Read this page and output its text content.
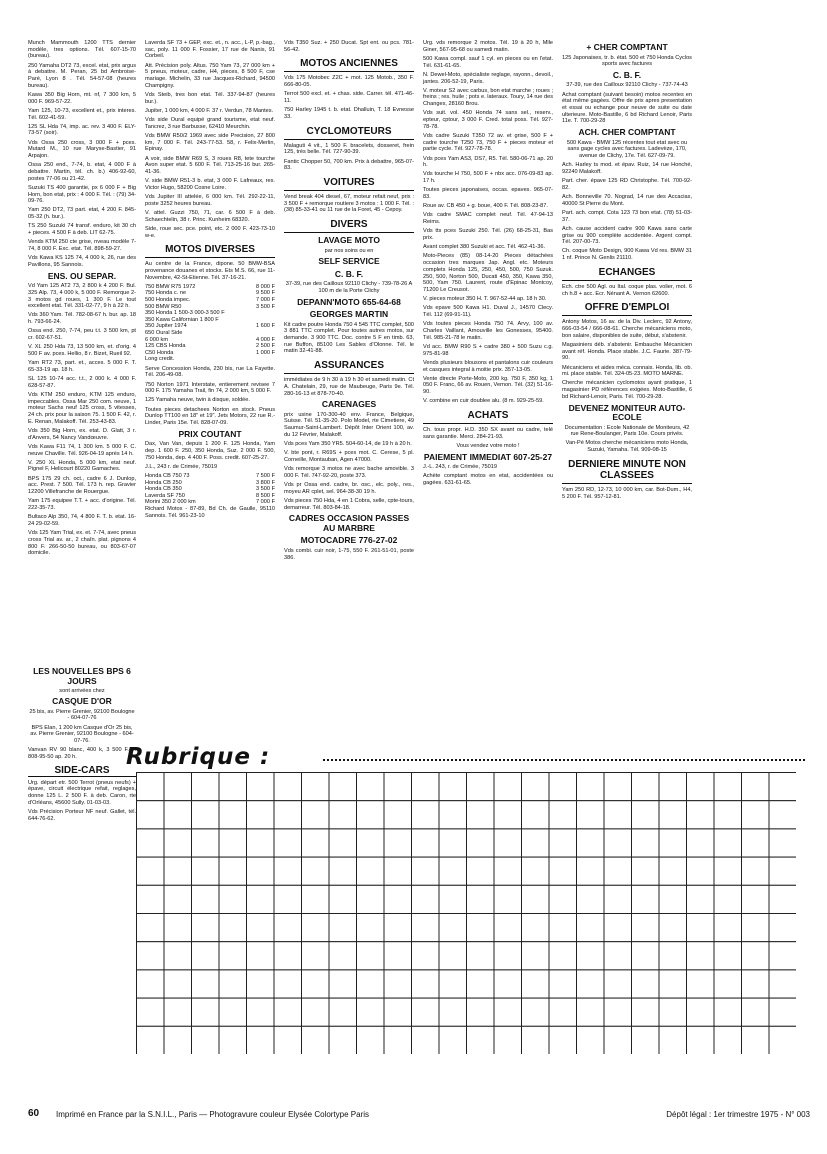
Munch Mammouth 1200 TTS dernier modèle, tres options. Tél. 607-15-70 (bureau).

250 Yamaha DT2 73, excel. etat, prix argus à debattre. M. Peran, 25 bd Ambroise-Paré, Lyon 8 . Tél. 54-57-08 (heures bureau).

Kawa 350 Big Horn, mt. nf, 7 300 km, 5 000 F. 969-57-22.

Yam 125, 10-73, excellent et., prix interes. Tél. 602-41-59.

125 SL Hda 74, imp. ac. rev. 3 400 F. ELY-73-57 (soir).

Vds Ossa 250 cross, 3 000 F + pces. Mutard M., 10 rue Maryse-Bastier, 91 Arpajon.

Ossa 250 end., 7-74, b. etat, 4 000 F à debattre. Martin, tél. ch. b.) 406-92-60, postes 77-06 ou 21-42.

Suzuki TS 400 garantie, px 6 000 F + Big Horn, bon etat, prix : 4 000 F. Tél. : (79) 34-09-76.

Yam 250 DT2, 73 part. etat, 4 200 F. 845-05-32 (h. bur.).

TS 250 Suzuki 74 transf. enduro, kit 30 ch + pieces. 4 500 F à deb. LIT 62-75.

Vends KTM 250 cte grise, nveau modèle 7-74, 8 000 F. Exc. etat. Tél. 898-59-27.

Vds Kawa KS 125 74, 4 000 k, 26, rue des Pavillons, 95 Sannois.

ENS. OU SEPAR.

Vd Yam 125 AT2 73, 2 800 k 4 200 F. Bul. 325 Alp. 73, 4 000 k, 5 000 F. Remorque 2-3 motos gd roues, 1 300 F. Le tout excellent etat. Tél. 331-02-77, 9 h à 22 h.

Vds 360 Yam. Tél. 782-08-67 h. bur. ap. 18 h. 793-66-24.

Ossa end. 250, 7-74, peu t.t. 3 500 km, pt cr. 602-67-51.

V. XL 250 Hda 73, 13 500 km, et. d'orig. 4 500 F av. pces. Hellio, 8 r. Bizet, Rueil 92.

Yam RT2 73, part. et., acces. 5 000 F. T. 65-33-19 ap. 18 h.

SL 125 10-74 acc. t.t., 2 000 k. 4 000 F. 628-57-87.

Vds KTM 250 enduro, KTM 125 enduro, impeccables. Ossa Mar 250 com. neuve, 1 moteur Sachs neuf 125 cross, 5 vitesses, 24 ch. prix pour la saison 75. 1 500 F. 42, r. E. Renan, Malakoff. Tél. 253-43-83.

Vds 350 Big Horn, ex. etat. D. Glatt, 3 r. d'Anvers, 54 Nancy Vandœuvre.

Vds Kawa F11 74, 1 300 km. 5 000 F. C. neuve Chaville. Tél. 926-04-19 après 14 h.

V. 250 XL Honda, 5 000 km, etat neuf. Pignel F, Helicourt 80220 Gamaches.

BPS 175 29 ch. oct., cadre 6 J. Dunlop, acc. Prest. 7 500. Tél. 173 h. rep. Gravier 12200 Villefranche de Rouergue.

Yam 175 equipee T.T. + acc. d'origine. Tél. 222-35-73.

Bultaco Alp 350, 74, 4 800 F. T. b. etat. 16-24 29-02-59.

Vds 125 Yam Trial, ex. et. 7-74, avec pneus cross Trial av. ar., 2 chaîn. plat. pignons 4 800 F. 266-50-50 bureau, ou 803-67-07 domicile.

Laverda SF 73 + GEP, exc. et., n. acc., L-P, p.-bag., sac, poly. 11 000 F. Fossier, 17 rue de Nanis, 91 Corbeil.

Att. Précision poly. Altus. 750 Yam 73, 27 000 km + 5 pneus, moteur, cadre, H4, pieces, 8 500 F, cse mariage. Michelin, 33 rue Jacques-Richard, 94500 Champigny.

Vds Steib, tres bon etat. Tél. 337-94-87 (heures bur.).

Jupiter, 1 000 km, 4 000 F. 37 r. Verdun, 78 Mantes.

Vds side Oural equipé grand tourisme, etat neuf. Tancrez, 3 rue Barbusse, 62410 Meurchin.

Vds BMW R50/2 1969 avec side Precision, 27 800 km, 7 000 F. Tél. 243-77-53. 58, r. Felix-Merlin, Epinay.

A voir, side BMW R69 S, 3 roues R8, tete tourche Avon super etat. 5 600 F. Tél. 713-25-16 bur. 265-41-36.

V. side BMW R51-3 b. etat, 3 000 F. Lafreaux, res. Victor Hugo, 58200 Cosne Loire.

Vds Jupiter III attelée, 6 000 km. Tél. 292-22-11, poste 3252 heures bureau.

V. attel. Guzzi 750, 71, car. 6 500 F à deb. Schaechtelin, 38 r. Princ. Kunheim 68320.

Side, roue sec. pce. point, etc. 2 000 F. 423-73-10 w-e.

MOTOS DIVERSES

Au centre de la France, dipone. 50 BMW-BSA provenance douanes et stocks. Ets M.S. 66, rue 11-Novembre, 42-St-Etienne. Tél. 37-16-21.

750 BMW R75 1972	8 000 F
750 Honda c. ne	9 500 F
500 Honda impec.	7 000 F
500 BMW R50	3 500 F
350 Honda 1 500-3 000-3 500 F	
350 Kawa Californian 1 800 F	
350 Jupiter 1974	1 600 F
650 Oural Side	
6 000 km	4 000 F
125 CBS Honda	2 500 F
C50 Honda	1 000 F

Long credit.

Serve Concession Honda, 230 bis, rue La Fayette. Tél. 206-49-08.

750 Norton 1971 Interstate, entierement revisee 7 000 F. 175 Yamaha Trail, fin 74, 2 000 km, 5 000 F.

125 Yamaha neuve, twin à disque, soldée.

Toutes pieces detachees Norton en stock. Pneus Dunlop TT100 en 18" et 19". Jets Motors, 22 rue R.-Linder, Paris 15e. Tél. 828-07-09.

PRIX COUTANT

Dax, Van Van, depuis 1 200 F. 125 Honda, Yam dep. 1 600 F. 250, 350 Honda, Suz. 2 000 F. 500, 750 Honda, dep. 4 400 F. Poss. credit. 607-25-27.

J.L., 243 r. de Crimée, 75019

Honda CB 750 73	7 500 F
Honda CB 250	3 800 F
Honda CB 350	3 500 F
Laverda SF 750	8 500 F
Morini 350 2 000 km	7 000 F

Richard Motos - 87-89, Bd Ch. de Gaulle, 95110 Sannois. Tél. 961-23-10

Vds T350 Suz. + 250 Ducat. Spt ent. ou pcs. 781-56-42.

MOTOS ANCIENNES

Vds 175 Motobec Z2C + mot. 125 Motob., 350 F. 666-80-05.

Terrot 500 excl. et. + chas. side. Carrer. tél. 471-46-11.

750 Harley 1945 t. b. etat. Dhalluin, T. 18 Evnesse 33.

CYCLOMOTEURS

Malaguti 4 vit., 1 500 F. bracelets, dosseret, frein 125, très belle. Tél. 727-90-39.

Fantic Chopper 50, 700 km. Prix à debattre, 965-07-83.

VOITURES

Vend break 404 diesel, 67, moteur refait neuf, prix : 3 500 F + remorque routiere 3 motos : 1 000 F. Tél. : (38) 85-33-41 ou 11 rue de la Foret, 45 - Cepoy.

DIVERS
LAVAGE MOTO

par nos soins ou en

SELF SERVICE
C. B. F.

37-39, rue des Cailloux 92110 Clichy - 739-78-26 A 100 m de la Porte Clichy

DEPANN'MOTO 655-64-68
GEORGES MARTIN

Kit cadre poutre Honda 750 4 545 TTC complet, 500 3 881 TTC complet. Pour toutes autres motos, sur demande. 3 900 TTC. Doc. contre 5 F en timb. 63, rue Buffon, 85100 Les Sables d'Olonne. Tél. le matin 32-41-88.

ASSURANCES

immédiates de 9 h 30 à 19 h 30 et samedi matin. Ct A. Chatelain, 29, rue de Maubeuge, Paris 9e. Tél. 280-16-13 et 878-70-40.

CARENAGES

prix usine 170-300-40 env. France, Belgique, Suisse. Tél. 51-35-20. Polo Model, rte Cimetiere, 49 Saumur-Saint-Lambert. Dépôt Inter Orient 100, av. du 12 Février, Malakoff.

Vds pces Yam 350 YR5. 504-60-14, de 19 h à 20 h.

V. bte pont, r. R69S + pces mot. C. Cerese, 5 pl. Corneille, Montauban, Agen 47000.

Vds remorque 3 motos ne avec bache amovible. 3 000 F. Tél. 747-92-20, poste 373.

Vds pr Ossa end. cadre, br. osc., elc. poly., res., moyeu AR cplet, sel. 964-38-30 19 h.

Vds pieces 750 Hda, 4 en 1 Cobra, selle, cpte-tours, demarreur. Tél. 803-84-18.

CADRES OCCASION PASSES AU MARBRE
MOTOCADRE 776-27-02

Vds combi. cuir noir, 1-75, 550 F. 261-51-01, poste 386.

Urg. vds remorque 2 motos. Tél. 19 à 20 h, Mlle Giner, 567-95-68 ou samedi matin.

500 Kawa compl. sauf 1 cyl. en pieces ou en l'etat. Tél. 631-61-65.

N. Dewel-Moto, spécialiste reglage, rayonn., devoil., jantes. 206-52-19, Paris.

V. moteur S2 avec carbus, bon etat marche ; roues ; freins ; res. huile ; pots e. lateraux. Toury, 14 rue des Changes, 28160 Brou.

Vds suit. vol. 450 Honda 74 sans sel., reserv., epteur, cptour, 3 000 F. Cred. total poss. Tél. 927-78-78.

Vds cadre Suzuki T350 72 av. et grise, 500 F + cadre tourche T250 73, 750 F + pieces moteur et partie cycle. Tél. 927-78-78.

Vds pces Yam AS3, DS7, R5. Tél. 580-06-71 ap. 20 h.

Vds tourche H 750, 500 F + nbx acc. 076-09-83 ap. 17 h.

Toutes pieces japonaises, occas. epaves. 965-07-83.

Roue av. CB 450 + g. boue, 400 F. Tél. 808-23-87.

Vds cadre SMAC complet neuf. Tél. 47-94-13 Reims.

Vds tts pces Suzuki 250. Tél. (26) 68-25-31, Bas prix.

Avant complet 380 Suzuki et acc. Tél. 462-41-36.

Moto-Pieces (85) 08-14-20 Pieces détachées occasion tres marques Jap. Angl. etc. Moteurs complets Honda 125, 250, 450, 500, 750 Suzuk. 250, 500, Norton 500, Ducati 450, 350, Kawa 350, 500, Yam 750. Laurent, route d'Epinac Montcoy, 71200 Le Creusot.

V. pieces moteur 350 H. T. 967-52-44 ap. 18 h 30.

Vds epave 500 Kawa H1. Duval J., 14570 Clecy. Tél. 112 (69-91-11).

Vds toutes pieces Honda 750 74. Arvy, 100 av. Charles Vaillant, Arnouville les Gonesses, 95400. Tél. 985-21-78 le matin.

Vd acc. BMW R90 S + cadre 380 + 500 Suzu c.g. 975-81-98

Vends plusieurs blousons et pantalons cuir couleurs et casques integral à moitie prix. 357-13-05.

Vente directe Porte-Moto, 200 kg. 750 F, 350 kg, 1 050 F. Franc, 66 av. Rouen, Vernon. Tél. (32) 51-16-90.

V. combine en cuir doublee alu. (8 m. 929-25-59.

ACHATS

Ch. tous propr. H.D. 350 SX avant ou cadre, telé sans garantie. Merci. 284-21-93.

Vous vendez votre moto !

PAIEMENT IMMEDIAT 607-25-27

J.-L. 243, r. de Crimée, 75019

Achète comptant motos en etat, accidentées ou gagées. 631-61-65.

+ CHER COMPTANT

125 Japonaises, tr. b. état. 500 et 750 Honda Cyclos sports avec factures

C. B. F.

37-39, rue des Cailloux 92110 Clichy - 737-74-43

Achat comptant (suivant besoin) motos recentes en état même gagées. Offre de prix apres presentation et essai ou echange pour neuve de suite ou date ulterieure. Moto-Bastille, 6 bd Richard Lenoir, Paris 11e. T. 700-29-28

ACH. CHER COMPTANT

500 Kawa - BMW 125 récentes tout etat avec ou sans gage cycles avec factures. Ladevèze, 170, avenue de Clichy, 17e. Tél. 627-09-79.

Ach. Harley ts mod. et épav. Ruiz, 14 rue Honché, 92240 Malakoff.

Part. cher. épave 125 RD Christophe. Tél. 700-92-82.

Ach. Bonneville 70. Nograd, 14 rue des Accacias, 40000 St Pierre du Mont.

Part. ach. compt. Cota 123 73 bon etat. (78) 51-03-37.

Ach. cause accident cadre 900 Kawa sans carte grise ou 900 complète accidentée. Argent compt. Tél. 207-00-73.

Ch. coque Moto Design, 900 Kawa Vd res. BMW 31 1 nf. Prince N. Genlis 21110.

ECHANGES

Ech. ctre 500 Agl. ou Ital. coque plas. volier, mot. 6 ch h.8 + acc. Ecr. Nénant A. Vernon 62600.

OFFRE D'EMPLOI

Antony Motos, 16 av. de la Div. Leclerc, 92 Antony, 666-03-54 / 666-08-61. Cherche mécaniciens moto, bon salaire, disponibles de suite, début, s'abstenir.

Magasiniers déb. s'abstenir. Embauche Mécanicien avant réf. Honda. Place stable. J.C. Faurie. 387-79-90.

Mécaniciens et aides méca. connais. Honda, lib. ob. mi. place stable. Tél. 324-05-23. MOTO MARNE.

Cherche mécanicien cyclomotos ayant pratique, 1 magasinier PD références exigées. Moto-Bastille, 6 bd Richard-Lenoir, Paris. Tél. 700-29-28.

DEVENEZ MONITEUR AUTO-ECOLE

Documentation : Ecole Nationale de Moniteurs, 42 rue Rene-Boulanger, Paris 10e. Cours privés.

Van-Pé Motos cherche mécaniciens moto Honda, Suzuki, Yamaha. Tél. 909-08-15

DERNIERE MINUTE NON CLASSEES

Yam 250 RD, 12-73, 10 000 km, car. Bot-Dum., H4, 5 200 F. Tél. 957-12-81.

LES NOUVELLES BPS 6 JOURS

sont arrivées chez

CASQUE D'OR

25 bis, av. Pierre Grenier, 92100 Boulogne - 604-07-76

BPS Elan, 1 200 km Casque d'Or 25 bis, av. Pierre Grenier, 92100 Boulogne - 604-07-76.

Vanvan RV 90 blanc, 400 k, 3 500 F. T. 808-95-50 ap. 20 h.

SIDE-CARS

Urg. départ etr. 500 Terrot (pneus neufs) + épave, circuit électrique refait, reglages, donne 125 L. 2 500 F. à deb. Caron, rte d'Orléans, 45600 Sully. 01-03-03.

Vds Précision Porteur NF neuf. Gallet, tél. 644-76-62.

Rubrique :
60 Imprimé en France par la S.N.I.L., Paris — Photogravure couleur Elysée Colortype Paris	Dépôt légal : 1er trimestre 1975 - N° 003
